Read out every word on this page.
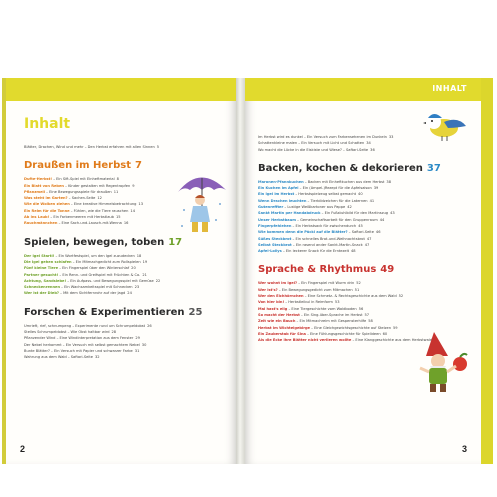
Inhalt
Blätter, Drachen, Wind und mehr – Den Herbst erfahren mit allen Sinnen 5
Draußen im Herbst 7
Dufte-Herbst! – Ein Sift-Spiel mit Einheftmaterial 8
Ein Blatt von Reben – Kinder gestalten mit Regentropfen 9
Pflanzmeil – Eine Bewegungsspiele für draußen 11
Was steht im Garten? – Sachen-Seite 12
Wie die Wolken ziehen – Eine kreative Himmelsbetrachtung 13
Ein Reim für die Tonne – Fühlen, wie die Tiere rauschen 14
Ab ins Laub! – Ein Farbenmeeren mit Herbstlaub 15
Rauchmännchen – Eine Sach-und-Lausch-mit-Wenna 16
Spielen, bewegen, toben 17
Der Igel Startl! – Ein Wortfestspiel, um den Igel zuzudecken 18
Die Igel gehen schlafen – Ein Mitmachgedicht zum Rollspielen 19
Fünf kleine Tiere – Ein Fingerspiel über den Winterschlaf 20
Partner gesucht! – Ein Renn- und Greifspiel mit Früchten & Co. 21
Achtung, Sandsiebe! – Ein Aufpass- und Bewegungsspiel mit Gemüse 22
Schneckenrennen – Ein Wachsamkeitsspiel mit Schnecken 23
Wer ist der Dieb? – Mit dem Sichtfernrohr auf der Jagd 24
Forschen & Experimentieren 25
Umrieft, rief, schnumpeng – Experimente rund um Schrumpeldobst 26
Stelles Schrumpeldobst – Wie Obst haltbar wird 28
Pflanzender Wind – Eine Windinterpretation aus dem Fenster 29
Der Nebel herkommt – Ein Versuch mit selbst gemachtem Nebel 30
Bunte Blätter? – Ein Versuch mit Papier und schwarzer Farbe 31
Wahrung aus dem Wald – Saftari-Seite 32
2
INHALT
Im Herbst wird es dunkel – Ein Versuch zum Farbensehenen im Dunkeln 33
Schattenkleine malen – Ein Versuch mit Licht und Schatten 34
Wo macht die Lücke in die Eiskiste und Wiese? – Saftari-Seite 36
Backen, kochen & dekorieren 37
Maronen-Pfannkuchen – Backen mit Einheftkuchen aus dem Herbst 38
Ein Kuchen im Apfel – Ein (Ampel-)Rezept für die Apfelsaison 39
Ein Igel im Herbst – Herbstspielzeug selbst gemacht 40
Wenn Drachen leuchten – Tierbildzeichen für die Laternen 41
Gutenreffter – Lustige Weißkartoner aus Pappe 42
Sankt Martin per Handabdruck – Ein Fußstuhlbild für den Martinszug 43
Unser Herbstbaum – Gemeinschaftsarbeit für den Gruppenraum 44
Fingerpfehlehen – Ein Herbstsack für zwischendurch 45
Wie kommen denn die Päckl auf die Blätter? – Saftari-Seite 46
Süßes Steckbrot – Ein schnelles Brot-und-Weihnachtsbrot 47
Selbst Steckbrot – Ein rasend ander Sankt-Martin-Snack 47
Apfel-Lollys – Ein leckerer Snack für die Erntezeit 48
Sprache & Rhythmus 49
Wer wohnt im Igel? – Ein Fingerspiel mit Wurm drin 52
Wer ist's? – Ein Bewegungsgedicht zum Mitmachen 51
Wer den Eichhörnchen – Eine Schmetz- & Rechtsgeschichte aus dem Wald 52
Von hier bin! – Herbstleibul in Reimform 53
Mal hast's elig – Eine Tiergeschichte vom Waldboden 56
So macht der Herbst – Ein Sing-über-Sprache im Herbst 57
Zeit wie ein Bauch – Ein Mitmachreim mit Gespensterhilfe 58
Herbst im Wichtelgebirge – Eine Gleichgewichtsgeschichte auf Stelzen 59
Ein Zauberstab für Sina – Eine Fühlungsgeschichte für Spielideen 60
Als die Ecke ihre Blätter nicht verlieren wollte – Eine Klanggeschichte aus dem Herbstwald
3
